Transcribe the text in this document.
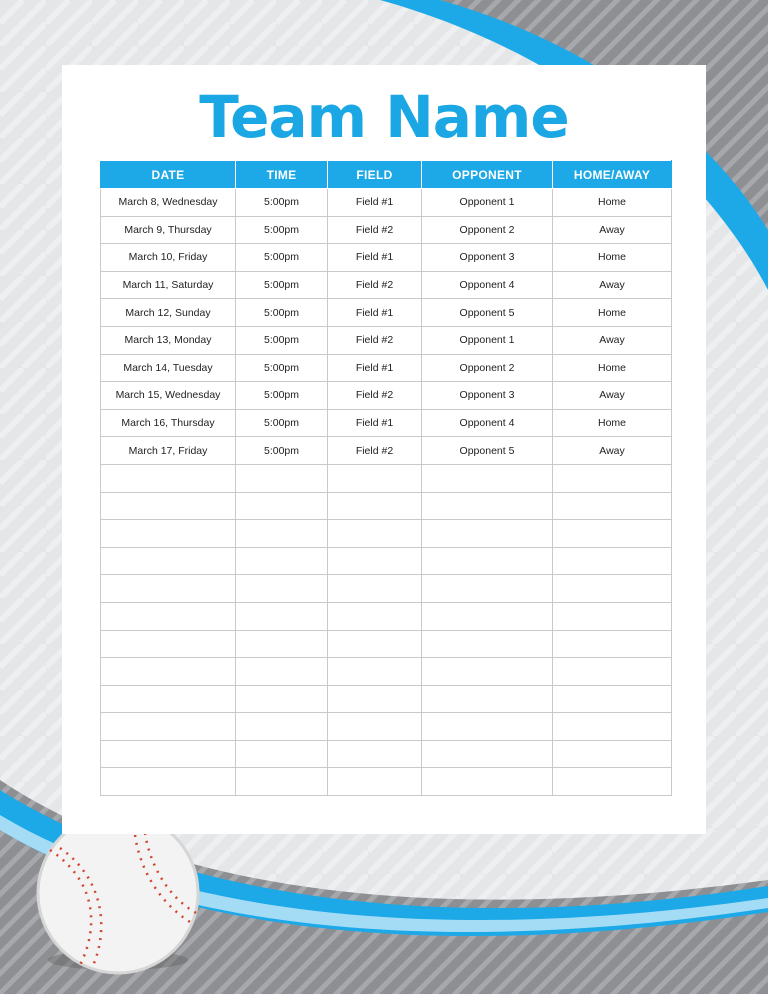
Team Name
DATE	TIME	FIELD	OPPONENT	HOME/AWAY
March 8, Wednesday	5:00pm	Field #1	Opponent 1	Home
March 9, Thursday	5:00pm	Field #2	Opponent 2	Away
March 10, Friday	5:00pm	Field #1	Opponent 3	Home
March 11, Saturday	5:00pm	Field #2	Opponent 4	Away
March 12, Sunday	5:00pm	Field #1	Opponent 5	Home
March 13, Monday	5:00pm	Field #2	Opponent 1	Away
March 14, Tuesday	5:00pm	Field #1	Opponent 2	Home
March 15, Wednesday	5:00pm	Field #2	Opponent 3	Away
March 16, Thursday	5:00pm	Field #1	Opponent 4	Home
March 17, Friday	5:00pm	Field #2	Opponent 5	Away
